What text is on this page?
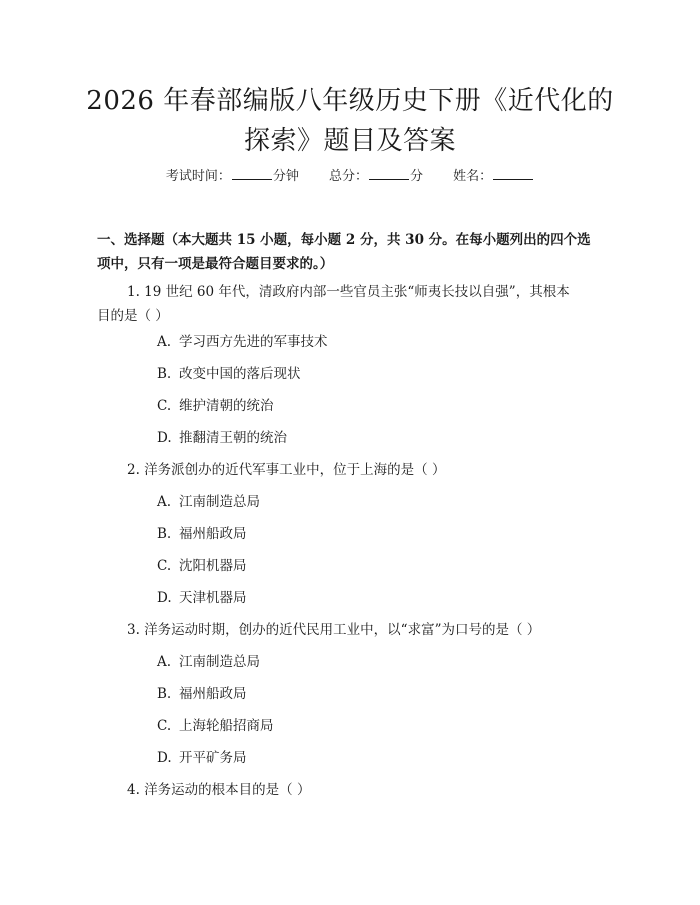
2026 年春部编版八年级历史下册《近代化的
探索》题目及答案
考试时间：	分钟 总分：	分 姓名：
一、选择题（本大题共 15 小题，每小题 2 分，共 30 分。在每小题列出的四个选
项中，只有一项是最符合题目要求的。）
1. 19 世纪 60 年代，清政府内部一些官员主张“师夷长技以自强”，其根本
目的是（ ）
A. 学习西方先进的军事技术
B. 改变中国的落后现状
C. 维护清朝的统治
D. 推翻清王朝的统治
2. 洋务派创办的近代军事工业中，位于上海的是（ ）
A. 江南制造总局
B. 福州船政局
C. 沈阳机器局
D. 天津机器局
3. 洋务运动时期，创办的近代民用工业中，以“求富”为口号的是（ ）
A. 江南制造总局
B. 福州船政局
C. 上海轮船招商局
D. 开平矿务局
4. 洋务运动的根本目的是（ ）
